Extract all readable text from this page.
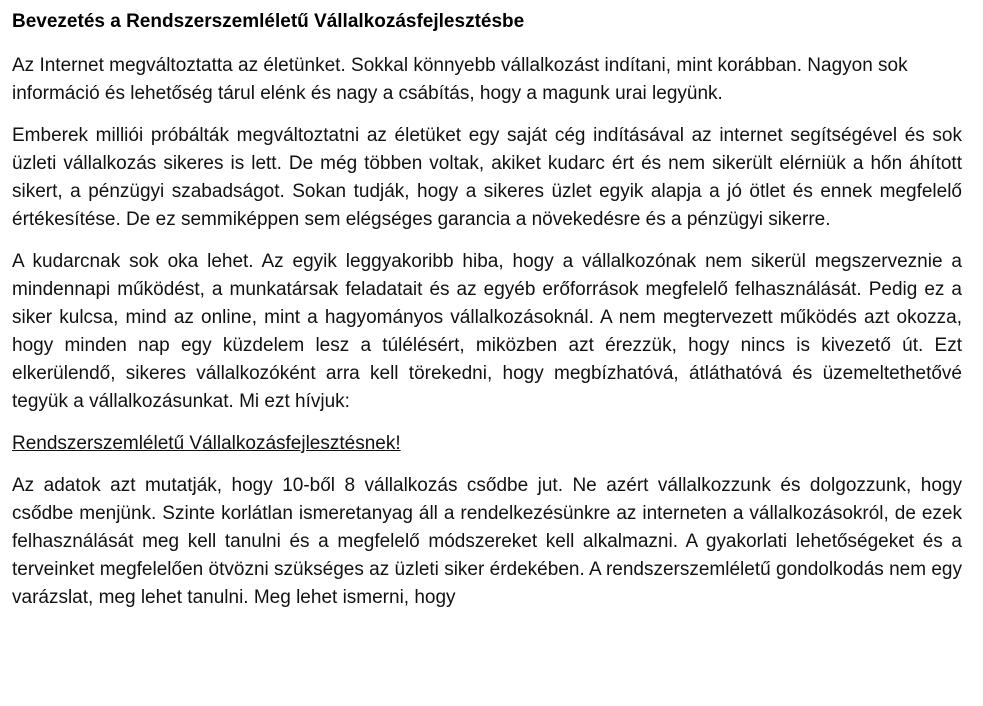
Bevezetés a Rendszerszemléletű Vállalkozásfejlesztésbe

Az Internet megváltoztatta az életünket. Sokkal könnyebb vállalkozást indítani, mint korábban. Nagyon sok információ és lehetőség tárul elénk és nagy a csábítás, hogy a magunk urai legyünk.

Emberek milliói próbálták megváltoztatni az életüket egy saját cég indításával az internet segítségével és sok üzleti vállalkozás sikeres is lett. De még többen voltak, akiket kudarc ért és nem sikerült elérniük a hőn áhított sikert, a pénzügyi szabadságot. Sokan tudják, hogy a sikeres üzlet egyik alapja a jó ötlet és ennek megfelelő értékesítése. De ez semmiképpen sem elégséges garancia a növekedésre és a pénzügyi sikerre.

A kudarcnak sok oka lehet. Az egyik leggyakoribb hiba, hogy a vállalkozónak nem sikerül megszerveznie a mindennapi működést, a munkatársak feladatait és az egyéb erőforrások megfelelő felhasználását. Pedig ez a siker kulcsa, mind az online, mint a hagyományos vállalkozásoknál. A nem megtervezett működés azt okozza, hogy minden nap egy küzdelem lesz a túlélésért, miközben azt érezzük, hogy nincs is kivezető út. Ezt elkerülendő, sikeres vállalkozóként arra kell törekedni, hogy megbízhatóvá, átláthatóvá és üzemeltethetővé tegyük a vállalkozásunkat. Mi ezt hívjuk:

Rendszerszemléletű Vállalkozásfejlesztésnek!

Az adatok azt mutatják, hogy 10-ből 8 vállalkozás csődbe jut. Ne azért vállalkozzunk és dolgozzunk, hogy csődbe menjünk. Szinte korlátlan ismeretanyag áll a rendelkezésünkre az interneten a vállalkozásokról, de ezek felhasználását meg kell tanulni és a megfelelő módszereket kell alkalmazni. A gyakorlati lehetőségeket és a terveinket megfelelően ötvözni szükséges az üzleti siker érdekében. A rendszerszemléletű gondolkodás nem egy varázslat, meg lehet tanulni. Meg lehet ismerni, hogy
